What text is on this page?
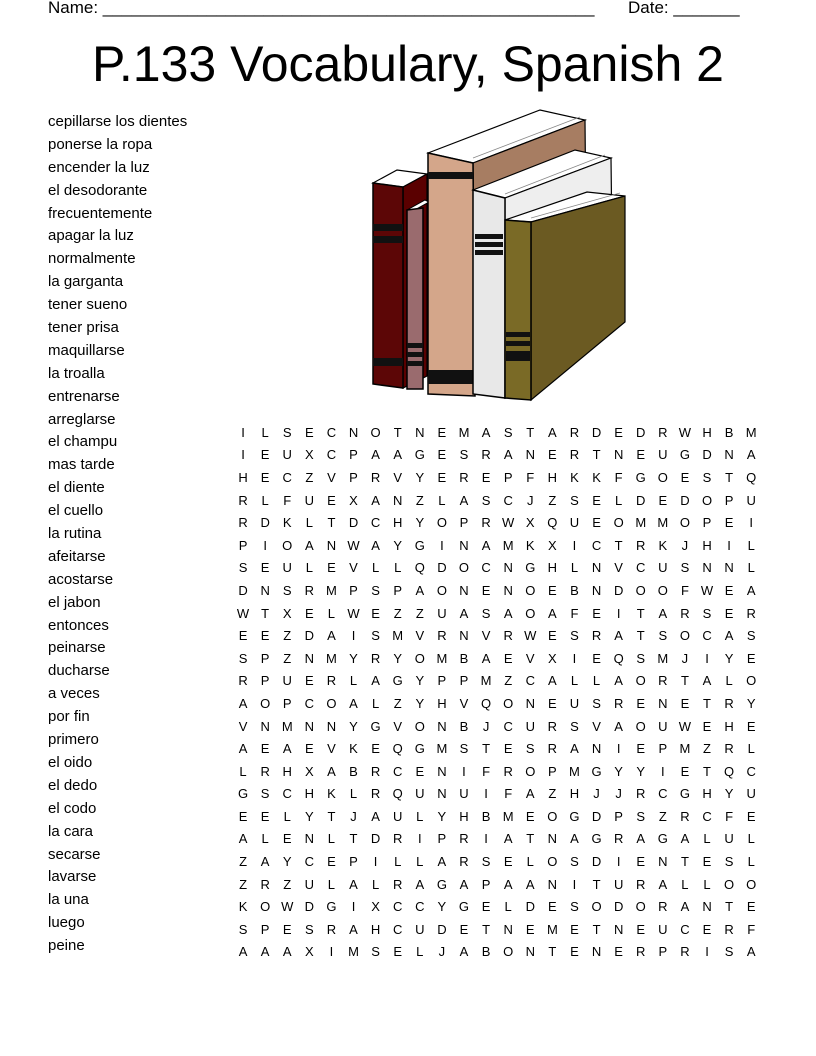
Name: ____________________________________________________ Date: _______
P.133 Vocabulary, Spanish 2
cepillarse los dientes
ponerse la ropa
encender la luz
el desodorante
frecuentemente
apagar la luz
normalmente
la garganta
tener sueno
tener prisa
maquillarse
la troalla
entrenarse
arreglarse
el champu
mas tarde
el diente
el cuello
la rutina
afeitarse
acostarse
el jabon
entonces
peinarse
ducharse
a veces
por fin
primero
el oido
el dedo
el codo
la cara
secarse
lavarse
la una
luego
peine
I	L	S	E	C	N	O	T	N	E	M	A	S	T	A	R	D	E	D	R	W	H	B	M
I	E	U	X	C	P	A	A	G	E	S	R	A	N	E	R	T	N	E	U	G	D	N	A
H	E	C	Z	V	P	R	V	Y	E	R	E	P	F	H	K	K	F	G	O	E	S	T	Q
R	L	F	U	E	X	A	N	Z	L	A	S	C	J	Z	S	E	L	D	E	D	O	P	U
R	D	K	L	T	D	C	H	Y	O	P	R	W	X	Q	U	E	O	M	M	O	P	E	I
P	I	O	A	N	W	A	Y	G	I	N	A	M	K	X	I	C	T	R	K	J	H	I	L
S	E	U	L	E	V	L	L	Q	D	O	C	N	G	H	L	N	V	C	U	S	N	N	L
D	N	S	R	M	P	S	P	A	O	N	E	N	O	E	B	N	D	O	O	F	W	E	A
W	T	X	E	L	W	E	Z	Z	U	A	S	A	O	A	F	E	I	T	A	R	S	E	R
E	E	Z	D	A	I	S	M	V	R	N	V	R	W	E	S	R	A	T	S	O	C	A	S
S	P	Z	N	M	Y	R	Y	O	M	B	A	E	V	X	I	E	Q	S	M	J	I	Y	E
R	P	U	E	R	L	A	G	Y	P	P	M	Z	C	A	L	L	A	O	R	T	A	L	O
A	O	P	C	O	A	L	Z	Y	H	V	Q	O	N	E	U	S	R	E	N	E	T	R	Y
V	N	M	N	N	Y	G	V	O	N	B	J	C	U	R	S	V	A	O	U	W	E	H	E
A	E	A	E	V	K	E	Q	G	M	S	T	E	S	R	A	N	I	E	P	M	Z	R	L
L	R	H	X	A	B	R	C	E	N	I	F	R	O	P	M	G	Y	Y	I	E	T	Q	C
G	S	C	H	K	L	R	Q	U	N	U	I	F	A	Z	H	J	J	R	C	G	H	Y	U
E	E	L	Y	T	J	A	U	L	Y	H	B	M	E	O	G	D	P	S	Z	R	C	F	E
A	L	E	N	L	T	D	R	I	P	R	I	A	T	N	A	G	R	A	G	A	L	U	L
Z	A	Y	C	E	P	I	L	L	A	R	S	E	L	O	S	D	I	E	N	T	E	S	L
Z	R	Z	U	L	A	L	R	A	G	A	P	A	A	N	I	T	U	R	A	L	L	O	O
K	O	W	D	G	I	X	C	C	Y	G	E	L	D	E	S	O	D	O	R	A	N	T	E
S	P	E	S	R	A	H	C	U	D	E	T	N	E	M	E	T	N	E	U	C	E	R	F
A	A	A	X	I	M	S	E	L	J	A	B	O	N	T	E	N	E	R	P	R	I	S	A
